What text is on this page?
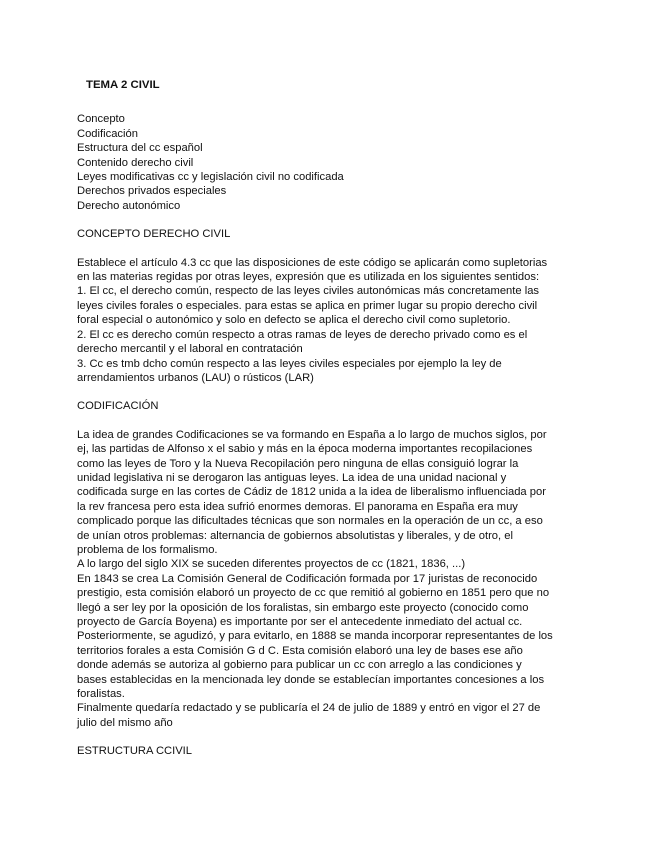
TEMA 2 CIVIL

Concepto

Codificación

Estructura del cc español

Contenido derecho civil

Leyes modificativas cc y legislación civil no codificada

Derechos privados especiales

Derecho autonómico

CONCEPTO DERECHO CIVIL
Establece el artículo 4.3 cc que las disposiciones de este código se aplicarán como supletorias
en las materias regidas por otras leyes, expresión que es utilizada en los siguientes sentidos:
1. El cc, el derecho común, respecto de las leyes civiles autonómicas más concretamente las
leyes civiles forales o especiales. para estas se aplica en primer lugar su propio derecho civil
foral especial o autonómico y solo en defecto se aplica el derecho civil como supletorio.
2. El cc es derecho común respecto a otras ramas de leyes de derecho privado como es el
derecho mercantil y el laboral en contratación
3. Cc es tmb dcho común respecto a las leyes civiles especiales por ejemplo la ley de
arrendamientos urbanos (LAU) o rústicos (LAR)
CODIFICACIÓN
La idea de grandes Codificaciones se va formando en España a lo largo de muchos siglos, por
ej, las partidas de Alfonso x el sabio y más en la época moderna importantes recopilaciones
como las leyes de Toro y la Nueva Recopilación pero ninguna de ellas consiguió lograr la
unidad legislativa ni se derogaron las antiguas leyes. La idea de una unidad nacional y
codificada surge en las cortes de Cádiz de 1812 unida a la idea de liberalismo influenciada por
la rev francesa pero esta idea sufrió enormes demoras. El panorama en España era muy
complicado porque las dificultades técnicas que son normales en la operación de un cc, a eso
de unían otros problemas: alternancia de gobiernos absolutistas y liberales, y de otro, el
problema de los formalismo.
A lo largo del siglo XIX se suceden diferentes proyectos de cc (1821, 1836, ...)
En 1843 se crea La Comisión General de Codificación formada por 17 juristas de reconocido
prestigio, esta comisión elaboró un proyecto de cc que remitió al gobierno en 1851 pero que no
llegó a ser ley por la oposición de los foralistas, sin embargo este proyecto (conocido como
proyecto de García Boyena) es importante por ser el antecedente inmediato del actual cc.
Posteriormente, se agudizó, y para evitarlo, en 1888 se manda incorporar representantes de los
territorios forales a esta Comisión G d C. Esta comisión elaboró una ley de bases ese año
donde además se autoriza al gobierno para publicar un cc con arreglo a las condiciones y
bases establecidas en la mencionada ley donde se establecían importantes concesiones a los
foralistas.
Finalmente quedaría redactado y se publicaría el 24 de julio de 1889 y entró en vigor el 27 de
julio del mismo año
ESTRUCTURA CCIVIL
